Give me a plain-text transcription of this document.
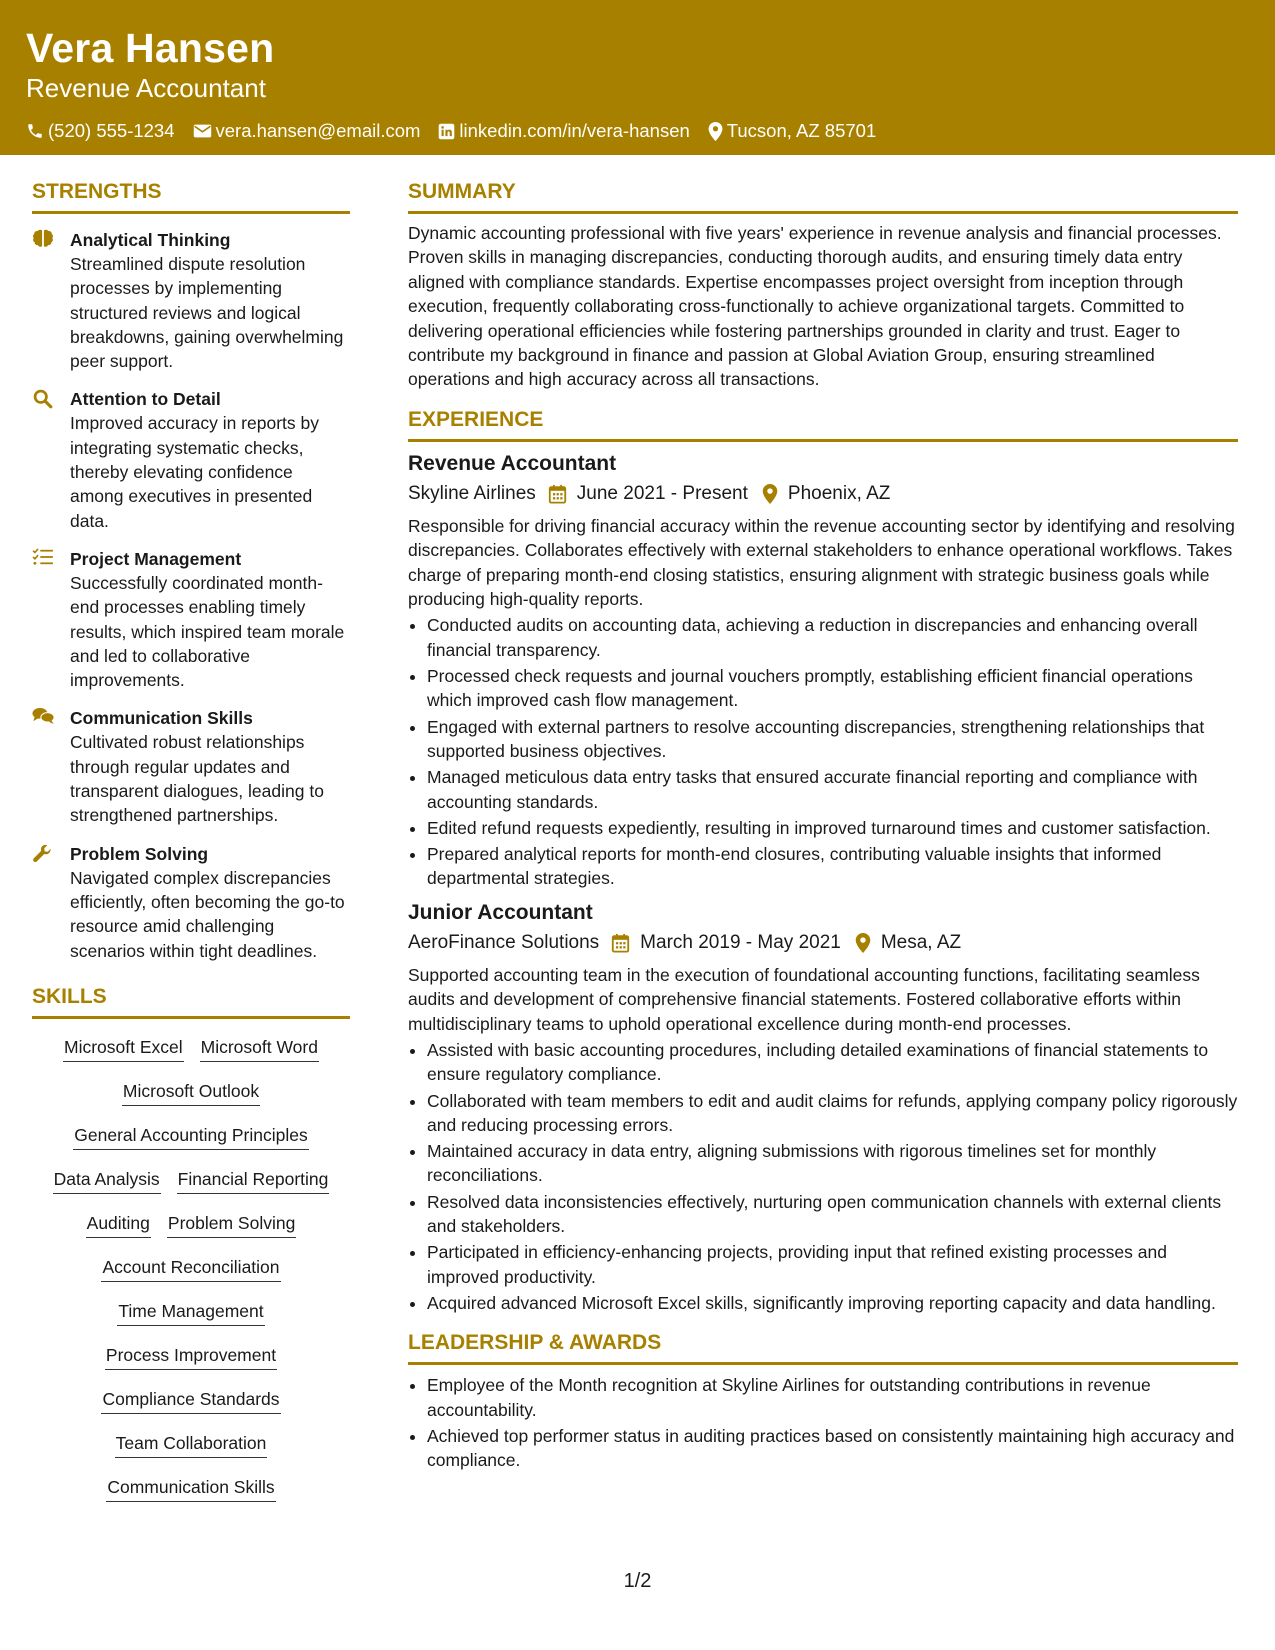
Vera Hansen
Revenue Accountant
(520) 555-1234 vera.hansen@email.com linkedin.com/in/vera-hansen Tucson, AZ 85701
STRENGTHS
Analytical Thinking
Streamlined dispute resolution processes by implementing structured reviews and logical breakdowns, gaining overwhelming peer support.
Attention to Detail
Improved accuracy in reports by integrating systematic checks, thereby elevating confidence among executives in presented data.
Project Management
Successfully coordinated month-end processes enabling timely results, which inspired team morale and led to collaborative improvements.
Communication Skills
Cultivated robust relationships through regular updates and transparent dialogues, leading to strengthened partnerships.
Problem Solving
Navigated complex discrepancies efficiently, often becoming the go-to resource amid challenging scenarios within tight deadlines.
SKILLS
Microsoft Excel Microsoft Word
Microsoft Outlook
General Accounting Principles
Data Analysis Financial Reporting
Auditing Problem Solving
Account Reconciliation
Time Management
Process Improvement
Compliance Standards
Team Collaboration
Communication Skills
SUMMARY
Dynamic accounting professional with five years' experience in revenue analysis and financial processes. Proven skills in managing discrepancies, conducting thorough audits, and ensuring timely data entry aligned with compliance standards. Expertise encompasses project oversight from inception through execution, frequently collaborating cross-functionally to achieve organizational targets. Committed to delivering operational efficiencies while fostering partnerships grounded in clarity and trust. Eager to contribute my background in finance and passion at Global Aviation Group, ensuring streamlined operations and high accuracy across all transactions.
EXPERIENCE
Revenue Accountant
Skyline Airlines June 2021 - Present Phoenix, AZ
Responsible for driving financial accuracy within the revenue accounting sector by identifying and resolving discrepancies. Collaborates effectively with external stakeholders to enhance operational workflows. Takes charge of preparing month-end closing statistics, ensuring alignment with strategic business goals while producing high-quality reports.
• Conducted audits on accounting data, achieving a reduction in discrepancies and enhancing overall financial transparency.
• Processed check requests and journal vouchers promptly, establishing efficient financial operations which improved cash flow management.
• Engaged with external partners to resolve accounting discrepancies, strengthening relationships that supported business objectives.
• Managed meticulous data entry tasks that ensured accurate financial reporting and compliance with accounting standards.
• Edited refund requests expediently, resulting in improved turnaround times and customer satisfaction.
• Prepared analytical reports for month-end closures, contributing valuable insights that informed departmental strategies.
Junior Accountant
AeroFinance Solutions March 2019 - May 2021 Mesa, AZ
Supported accounting team in the execution of foundational accounting functions, facilitating seamless audits and development of comprehensive financial statements. Fostered collaborative efforts within multidisciplinary teams to uphold operational excellence during month-end processes.
• Assisted with basic accounting procedures, including detailed examinations of financial statements to ensure regulatory compliance.
• Collaborated with team members to edit and audit claims for refunds, applying company policy rigorously and reducing processing errors.
• Maintained accuracy in data entry, aligning submissions with rigorous timelines set for monthly reconciliations.
• Resolved data inconsistencies effectively, nurturing open communication channels with external clients and stakeholders.
• Participated in efficiency-enhancing projects, providing input that refined existing processes and improved productivity.
• Acquired advanced Microsoft Excel skills, significantly improving reporting capacity and data handling.
LEADERSHIP & AWARDS
• Employee of the Month recognition at Skyline Airlines for outstanding contributions in revenue accountability.
• Achieved top performer status in auditing practices based on consistently maintaining high accuracy and compliance.
1/2
